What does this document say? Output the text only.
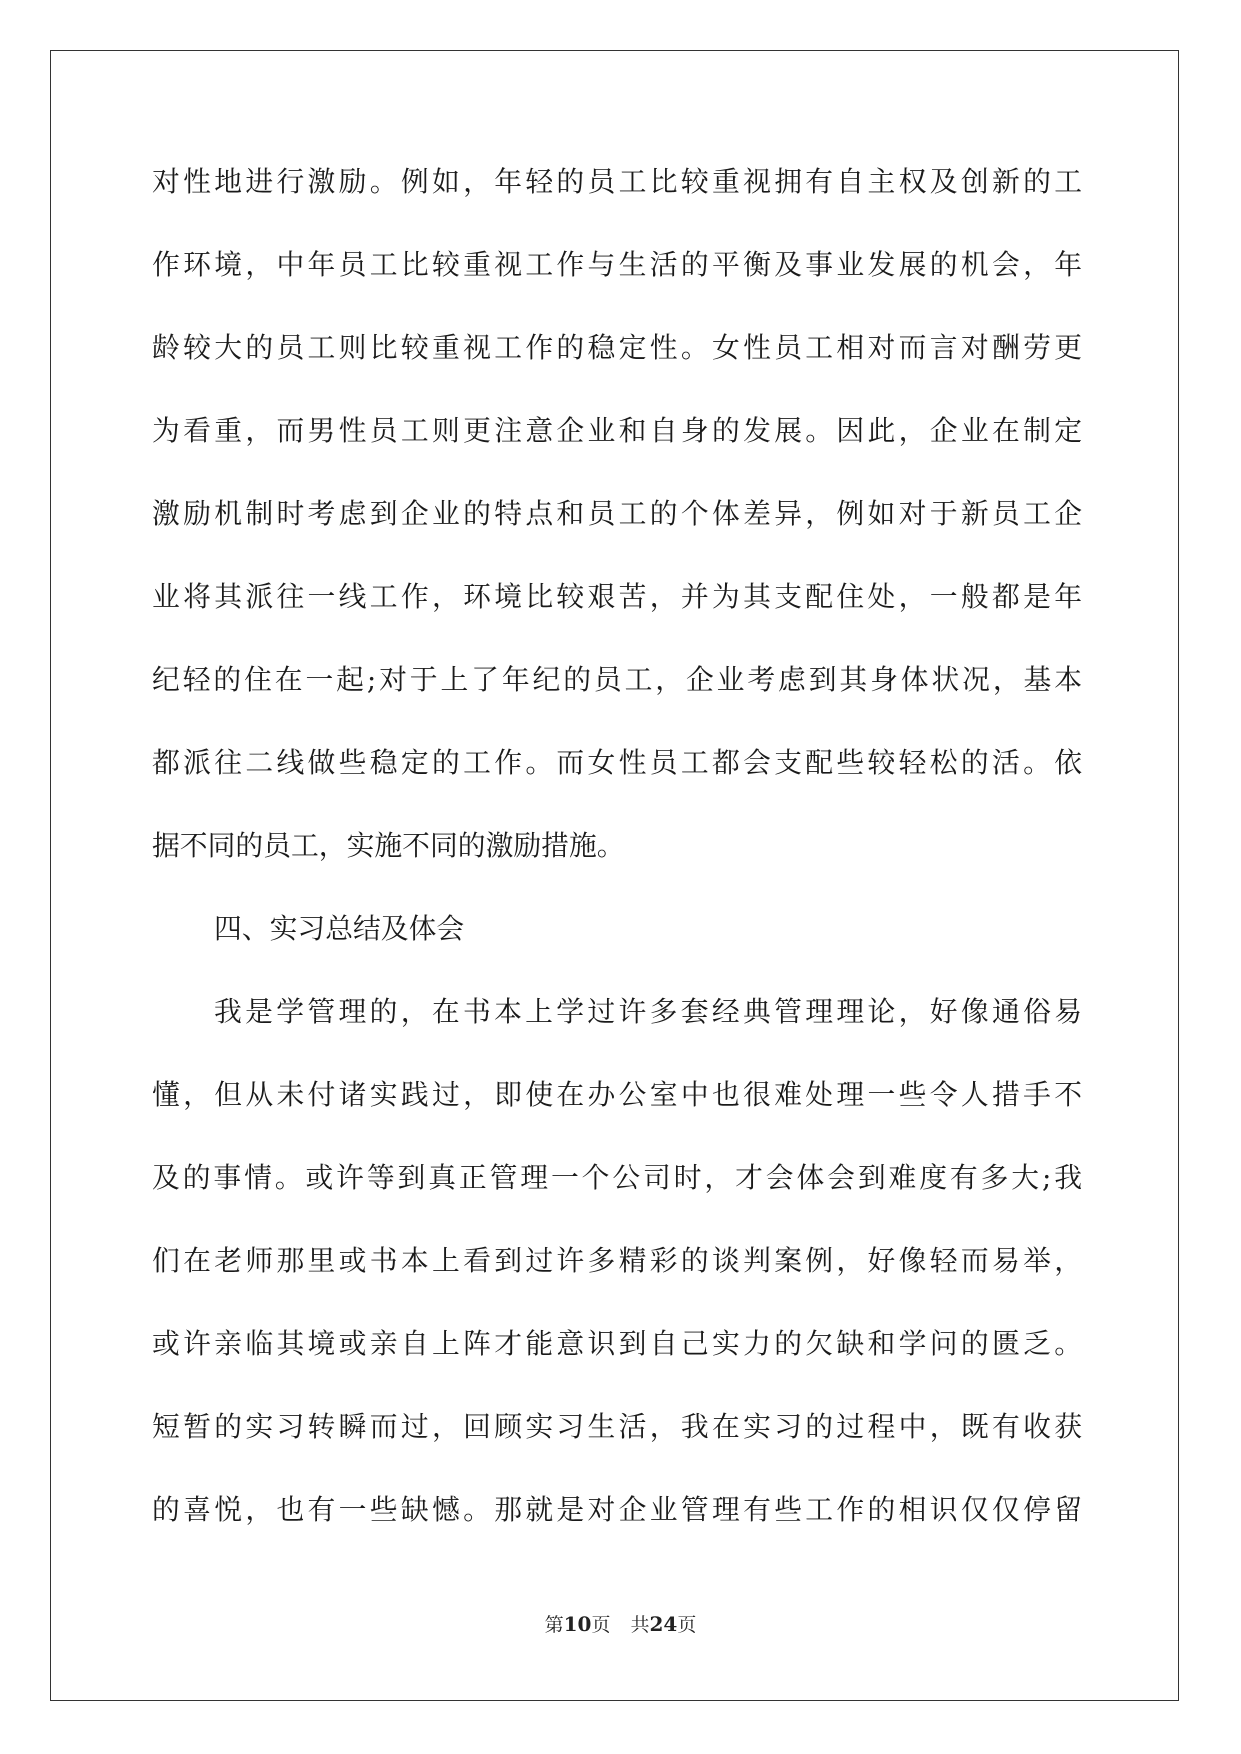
对性地进行激励。例如，年轻的员工比较重视拥有自主权及创新的工
作环境，中年员工比较重视工作与生活的平衡及事业发展的机会，年
龄较大的员工则比较重视工作的稳定性。女性员工相对而言对酬劳更
为看重，而男性员工则更注意企业和自身的发展。因此，企业在制定
激励机制时考虑到企业的特点和员工的个体差异，例如对于新员工企
业将其派往一线工作，环境比较艰苦，并为其支配住处，一般都是年
纪轻的住在一起;对于上了年纪的员工，企业考虑到其身体状况，基本
都派往二线做些稳定的工作。而女性员工都会支配些较轻松的活。依
据不同的员工，实施不同的激励措施。
四、实习总结及体会
我是学管理的，在书本上学过许多套经典管理理论，好像通俗易
懂，但从未付诸实践过，即使在办公室中也很难处理一些令人措手不
及的事情。或许等到真正管理一个公司时，才会体会到难度有多大;我
们在老师那里或书本上看到过许多精彩的谈判案例，好像轻而易举，
或许亲临其境或亲自上阵才能意识到自己实力的欠缺和学问的匮乏。
短暂的实习转瞬而过，回顾实习生活，我在实习的过程中，既有收获
的喜悦，也有一些缺憾。那就是对企业管理有些工作的相识仅仅停留
第10页 共24页
